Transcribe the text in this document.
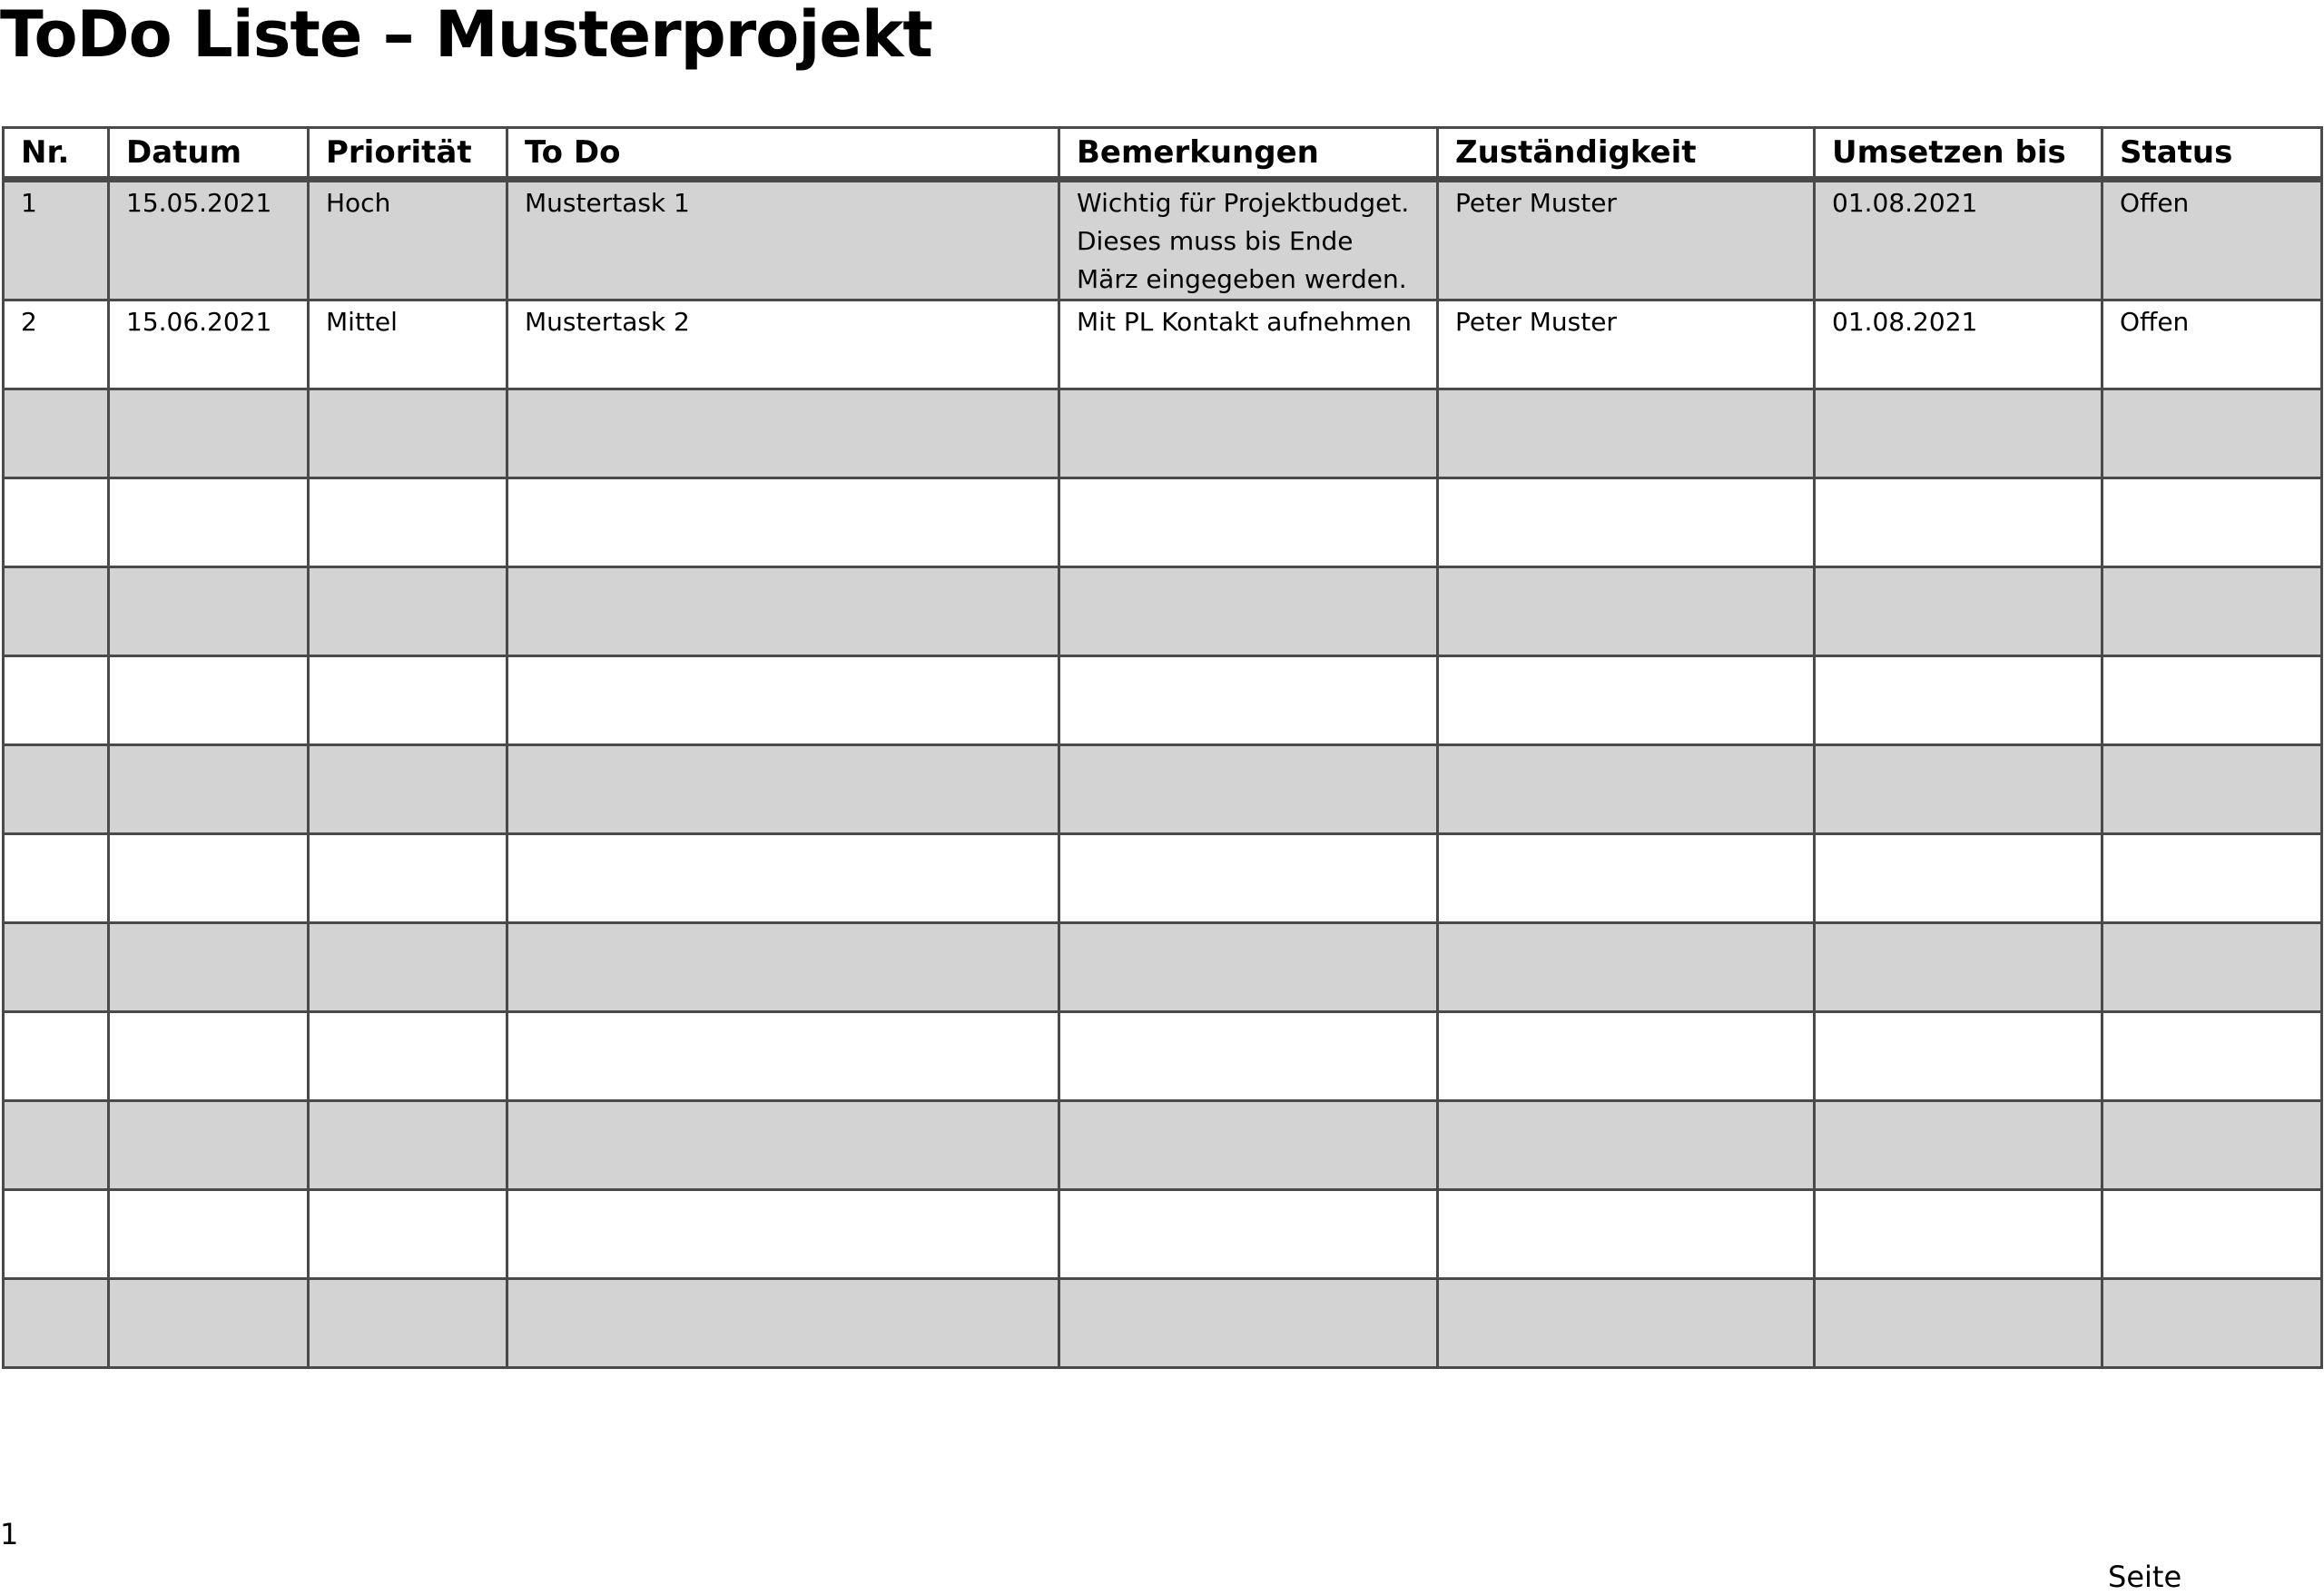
ToDo Liste – Musterprojekt
Nr.	Datum	Priorität	To Do	Bemerkungen	Zuständigkeit	Umsetzen bis	Status
1	15.05.2021	Hoch	Mustertask 1	Wichtig für Projektbudget. Dieses muss bis Ende März eingegeben werden.	Peter Muster	01.08.2021	Offen
2	15.06.2021	Mittel	Mustertask 2	Mit PL Kontakt aufnehmen	Peter Muster	01.08.2021	Offen

1
Seite
